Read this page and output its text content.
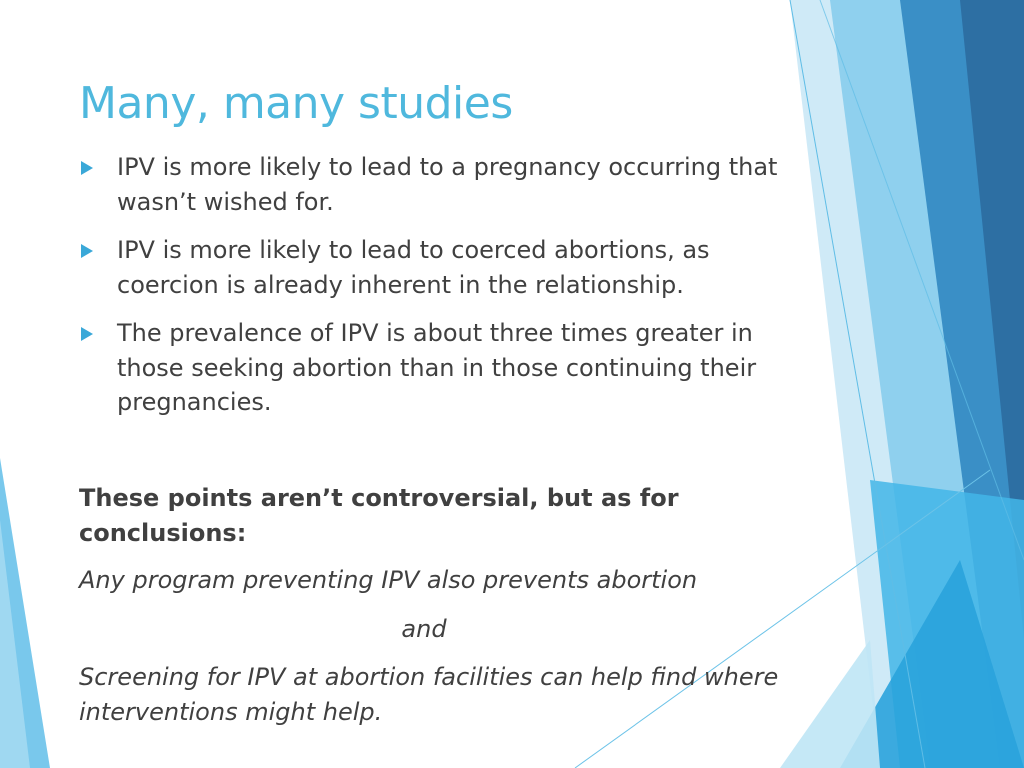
Many, many studies
IPV is more likely to lead to a pregnancy occurring that wasn’t wished for.
IPV is more likely to lead to coerced abortions, as coercion is already inherent in the relationship.
The prevalence of IPV is about three times greater in those seeking abortion than in those continuing their pregnancies.

These points aren’t controversial, but as for conclusions:

Any program preventing IPV also prevents abortion

and

Screening for IPV at abortion facilities can help find where interventions might help.
